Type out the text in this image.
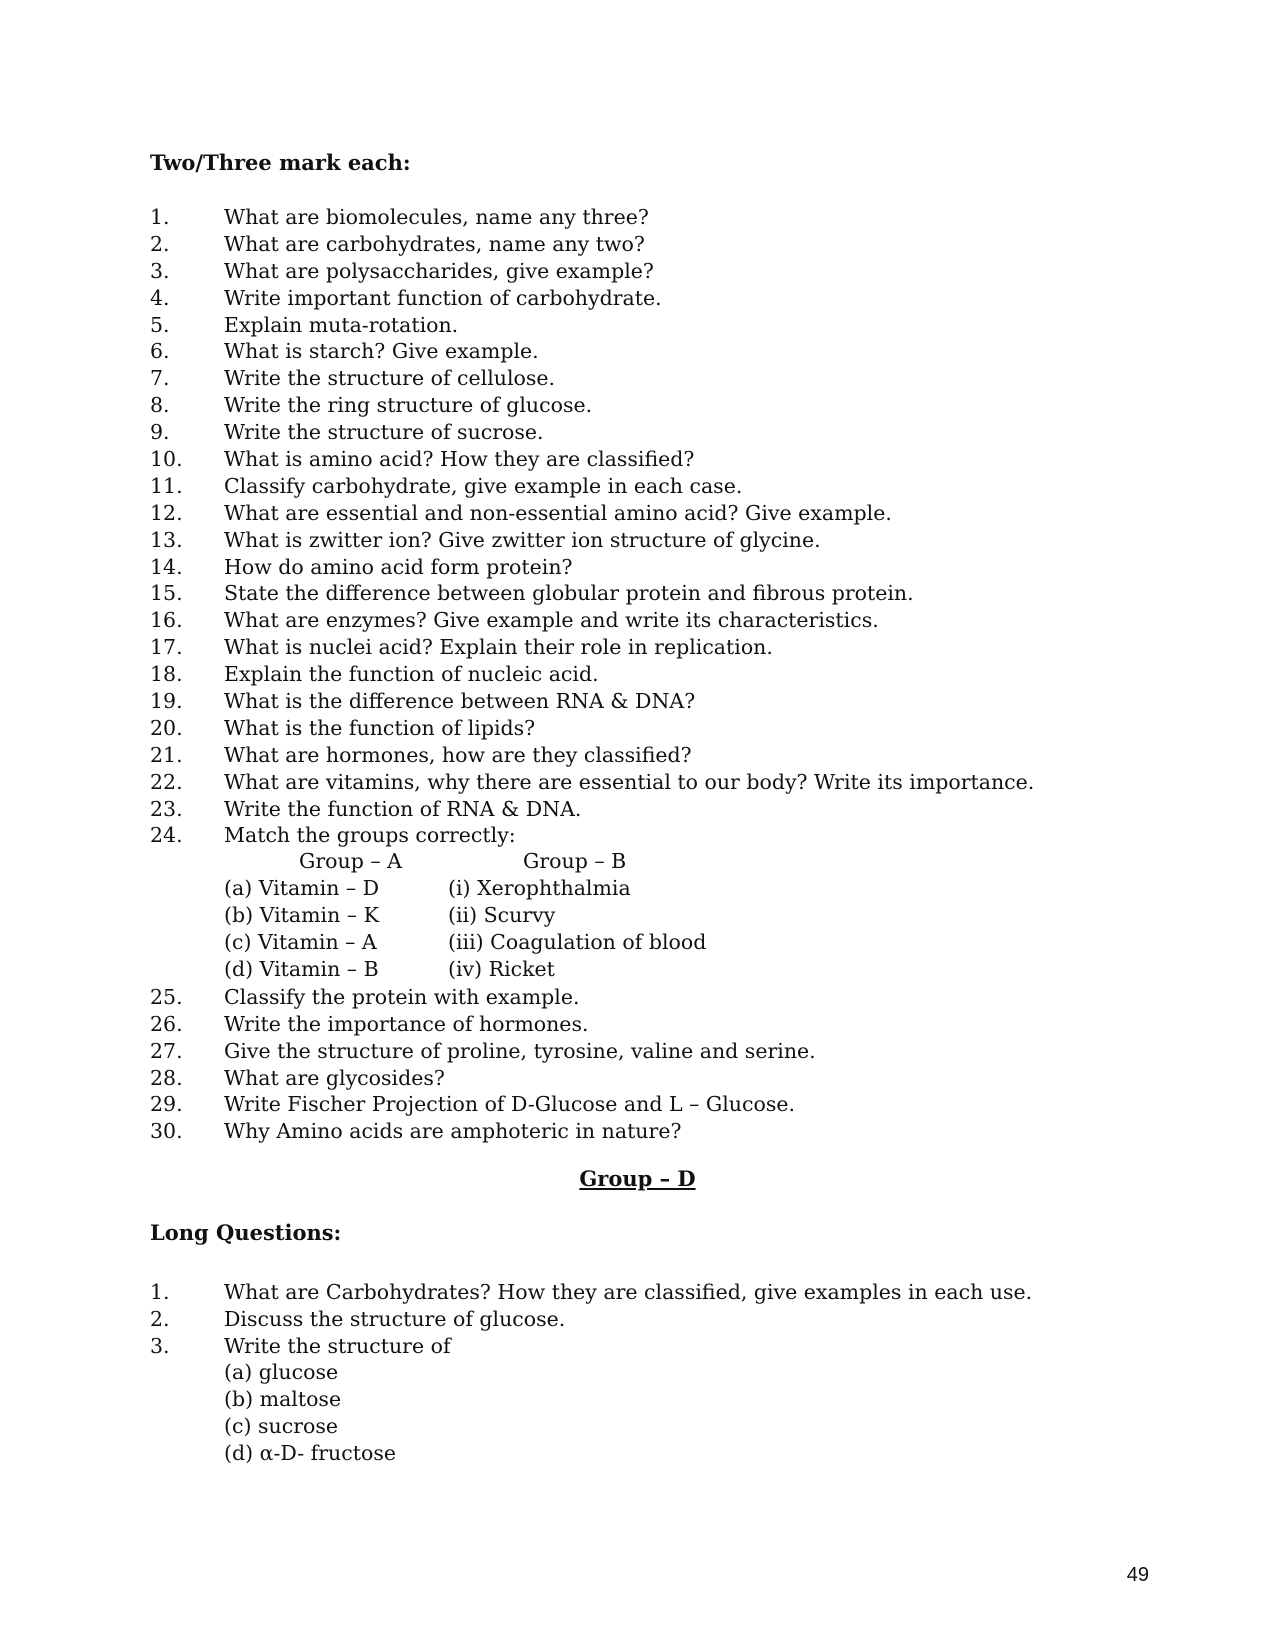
Two/Three mark each:
1.	What are biomolecules, name any three?
2.	What are carbohydrates, name any two?
3.	What are polysaccharides, give example?
4.	Write important function of carbohydrate.
5.	Explain muta-rotation.
6.	What is starch? Give example.
7.	Write the structure of cellulose.
8.	Write the ring structure of glucose.
9.	Write the structure of sucrose.
10. What is amino acid? How they are classified?
11. Classify carbohydrate, give example in each case.
12. What are essential and non-essential amino acid? Give example.
13. What is zwitter ion? Give zwitter ion structure of glycine.
14. How do amino acid form protein?
15. State the difference between globular protein and fibrous protein.
16. What are enzymes? Give example and write its characteristics.
17. What is nuclei acid? Explain their role in replication.
18. Explain the function of nucleic acid.
19. What is the difference between RNA & DNA?
20. What is the function of lipids?
21. What are hormones, how are they classified?
22. What are vitamins, why there are essential to our body? Write its importance.
23. Write the function of RNA & DNA.
24. Match the groups correctly:
25. Classify the protein with example.
26. Write the importance of hormones.
27. Give the structure of proline, tyrosine, valine and serine.
28. What are glycosides?
29. Write Fischer Projection of D-Glucose and L – Glucose.
30. Why Amino acids are amphoteric in nature?
Group – A	Group – B
(a) Vitamin – D	(i) Xerophthalmia
(b) Vitamin – K	(ii) Scurvy
(c) Vitamin – A	(iii) Coagulation of blood
(d) Vitamin – B	(iv) Ricket
Group – D
Long Questions:
1.	What are Carbohydrates? How they are classified, give examples in each use.
2.	Discuss the structure of glucose.
3.	Write the structure of
(a) glucose
(b) maltose
(c) sucrose
(d) α-D- fructose
49
